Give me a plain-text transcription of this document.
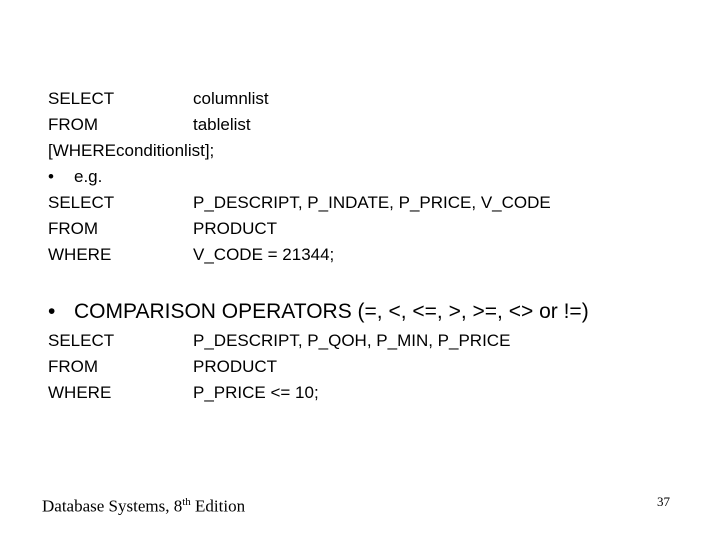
SELECT	columnlist
FROM	tablelist
[WHEREconditionlist];
• e.g.
SELECT	P_DESCRIPT, P_INDATE, P_PRICE, V_CODE
FROM	PRODUCT
WHERE	V_CODE = 21344;
• COMPARISON OPERATORS (=, <, <=, >, >=, <> or !=)
SELECT	P_DESCRIPT, P_QOH, P_MIN, P_PRICE
FROM	PRODUCT
WHERE	P_PRICE <= 10;
Database Systems, 8th Edition	37
